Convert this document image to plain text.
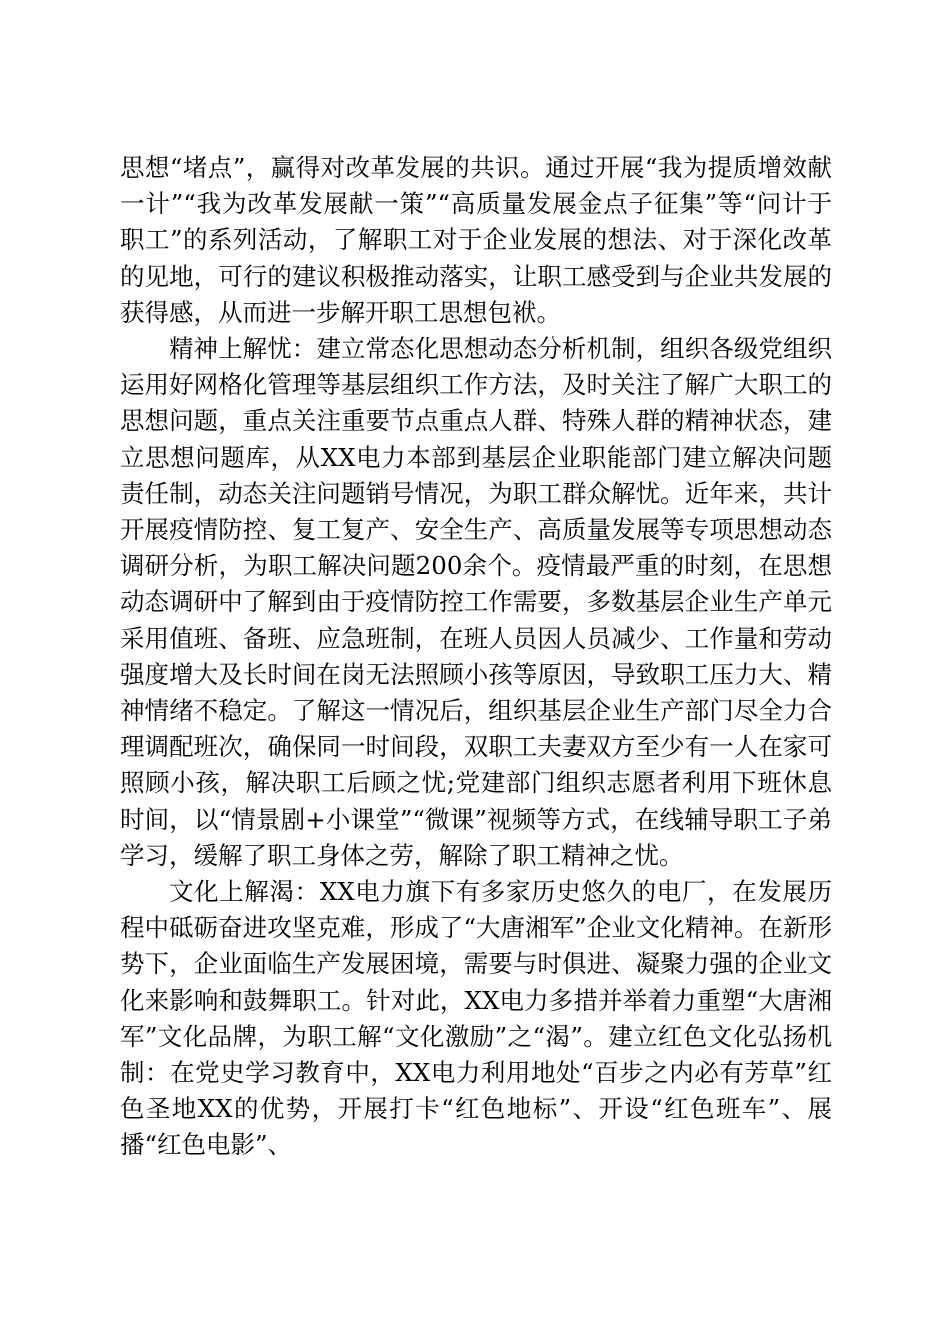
思想“堵点”，赢得对改革发展的共识。通过开展“我为提质增效献一计”“我为改革发展献一策”“高质量发展金点子征集”等“问计于职工”的系列活动，了解职工对于企业发展的想法、对于深化改革的见地，可行的建议积极推动落实，让职工感受到与企业共发展的获得感，从而进一步解开职工思想包袱。

精神上解忧：建立常态化思想动态分析机制，组织各级党组织运用好网格化管理等基层组织工作方法，及时关注了解广大职工的思想问题，重点关注重要节点重点人群、特殊人群的精神状态，建立思想问题库，从XX电力本部到基层企业职能部门建立解决问题责任制，动态关注问题销号情况，为职工群众解忧。近年来，共计开展疫情防控、复工复产、安全生产、高质量发展等专项思想动态调研分析，为职工解决问题200余个。疫情最严重的时刻，在思想动态调研中了解到由于疫情防控工作需要，多数基层企业生产单元采用值班、备班、应急班制，在班人员因人员减少、工作量和劳动强度增大及长时间在岗无法照顾小孩等原因，导致职工压力大、精神情绪不稳定。了解这一情况后，组织基层企业生产部门尽全力合理调配班次，确保同一时间段，双职工夫妻双方至少有一人在家可照顾小孩，解决职工后顾之忧;党建部门组织志愿者利用下班休息时间，以“情景剧+小课堂”“微课”视频等方式，在线辅导职工子弟学习，缓解了职工身体之劳，解除了职工精神之忧。

文化上解渴：XX电力旗下有多家历史悠久的电厂，在发展历程中砥砺奋进攻坚克难，形成了“大唐湘军”企业文化精神。在新形势下，企业面临生产发展困境，需要与时俱进、凝聚力强的企业文化来影响和鼓舞职工。针对此，XX电力多措并举着力重塑“大唐湘军”文化品牌，为职工解“文化激励”之“渴”。建立红色文化弘扬机制：在党史学习教育中，XX电力利用地处“百步之内必有芳草”红色圣地XX的优势，开展打卡“红色地标”、开设“红色班车”、展播“红色电影”、
